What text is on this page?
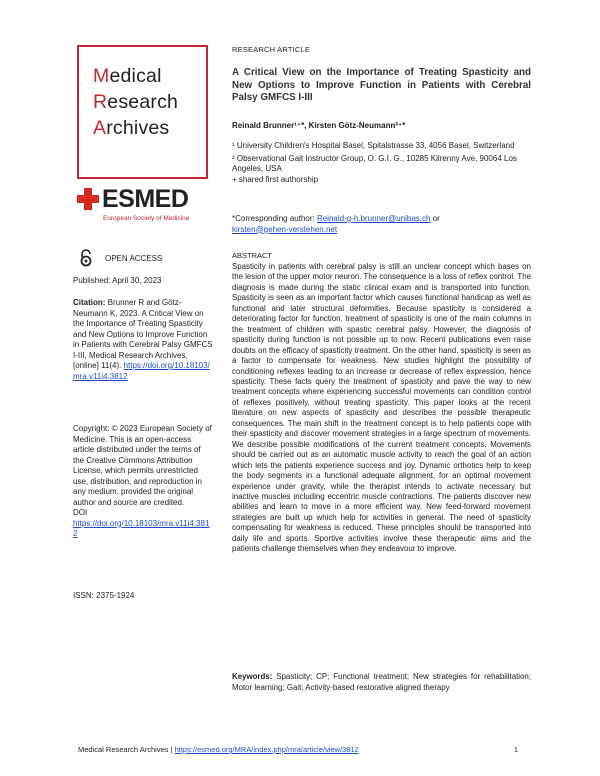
Medical
Research
Archives
ESMED
European Society of Medicine
OPEN ACCESS
Published: April 30, 2023
Citation: Brunner R and Götz-Neumann K, 2023. A Critical View on the Importance of Treating Spasticity and New Options to Improve Function in Patients with Cerebral Palsy GMFCS I-III, Medical Research Archives, [online] 11(4). https://doi.org/10.18103/mra.v11i4.3812
Copyright: © 2023 European Society of Medicine. This is an open-access article distributed under the terms of the Creative Commons Attribution License, which permits unrestricted use, distribution, and reproduction in any medium, provided the original author and source are credited.
DOI
https://doi.org/10.18103/mra.v11i4.3812
ISSN: 2375-1924
RESEARCH ARTICLE
A Critical View on the Importance of Treating Spasticity and New Options to Improve Function in Patients with Cerebral Palsy GMFCS I-III
Reinald Brunner¹⁺*, Kirsten Götz-Neumann²⁺*
¹ University Children's Hospital Basel, Spitalstrasse 33, 4056 Basel, Switzerland
² Observational Gait Instructor Group, O. G.I. G., 10285 Kilrenny Ave, 90064 Los Angeles, USA
+ shared first authorship
*Corresponding author: Reinald-g-h.brunner@unibas.ch or
kirsten@gehen-verstehen.net
ABSTRACT
Spasticity in patients with cerebral palsy is still an unclear concept which bases on the lesion of the upper motor neuron. The consequence is a loss of reflex control. The diagnosis is made during the static clinical exam and is transported into function. Spasticity is seen as an important factor which causes functional handicap as well as functional and later structural deformities. Because spasticity is considered a deteriorating factor for function, treatment of spasticity is one of the main columns in the treatment of children with spastic cerebral palsy. However, the diagnosis of spasticity during function is not possible up to now. Recent publications even raise doubts on the efficacy of spasticity treatment. On the other hand, spasticity is seen as a factor to compensate for weakness. New studies highlight the possibility of conditioning reflexes leading to an increase or decrease of reflex expression, hence spasticity. These facts query the treatment of spasticity and pave the way to new treatment concepts where experiencing successful movements can condition control of reflexes positively, without treating spasticity. This paper looks at the recent literature on new aspects of spasticity and describes the possible therapeutic consequences. The main shift in the treatment concept is to help patients cope with their spasticity and discover movement strategies in a large spectrum of movements. We describe possible modifications of the current treatment concepts. Movements should be carried out as an automatic muscle activity to reach the goal of an action which lets the patients experience success and joy. Dynamic orthotics help to keep the body segments in a functional adequate alignment, for an optimal movement experience under gravity, while the therapist intends to activate necessary but inactive muscles including eccentric muscle contractions. The patients discover new abilities and learn to move in a more efficient way. New feed-forward movement strategies are built up which help for activities in general. The need of spasticity compensating for weakness is reduced. These principles should be transported into daily life and sports. Sportive activities involve these therapeutic aims and the patients challenge themselves when they endeavour to improve.
Keywords: Spasticity; CP; Functional treatment; New strategies for rehabilitation; Motor learning; Gait; Activity-based restorative aligned therapy
Medical Research Archives | https://esmed.org/MRA/index.php/mra/article/view/3812	1
